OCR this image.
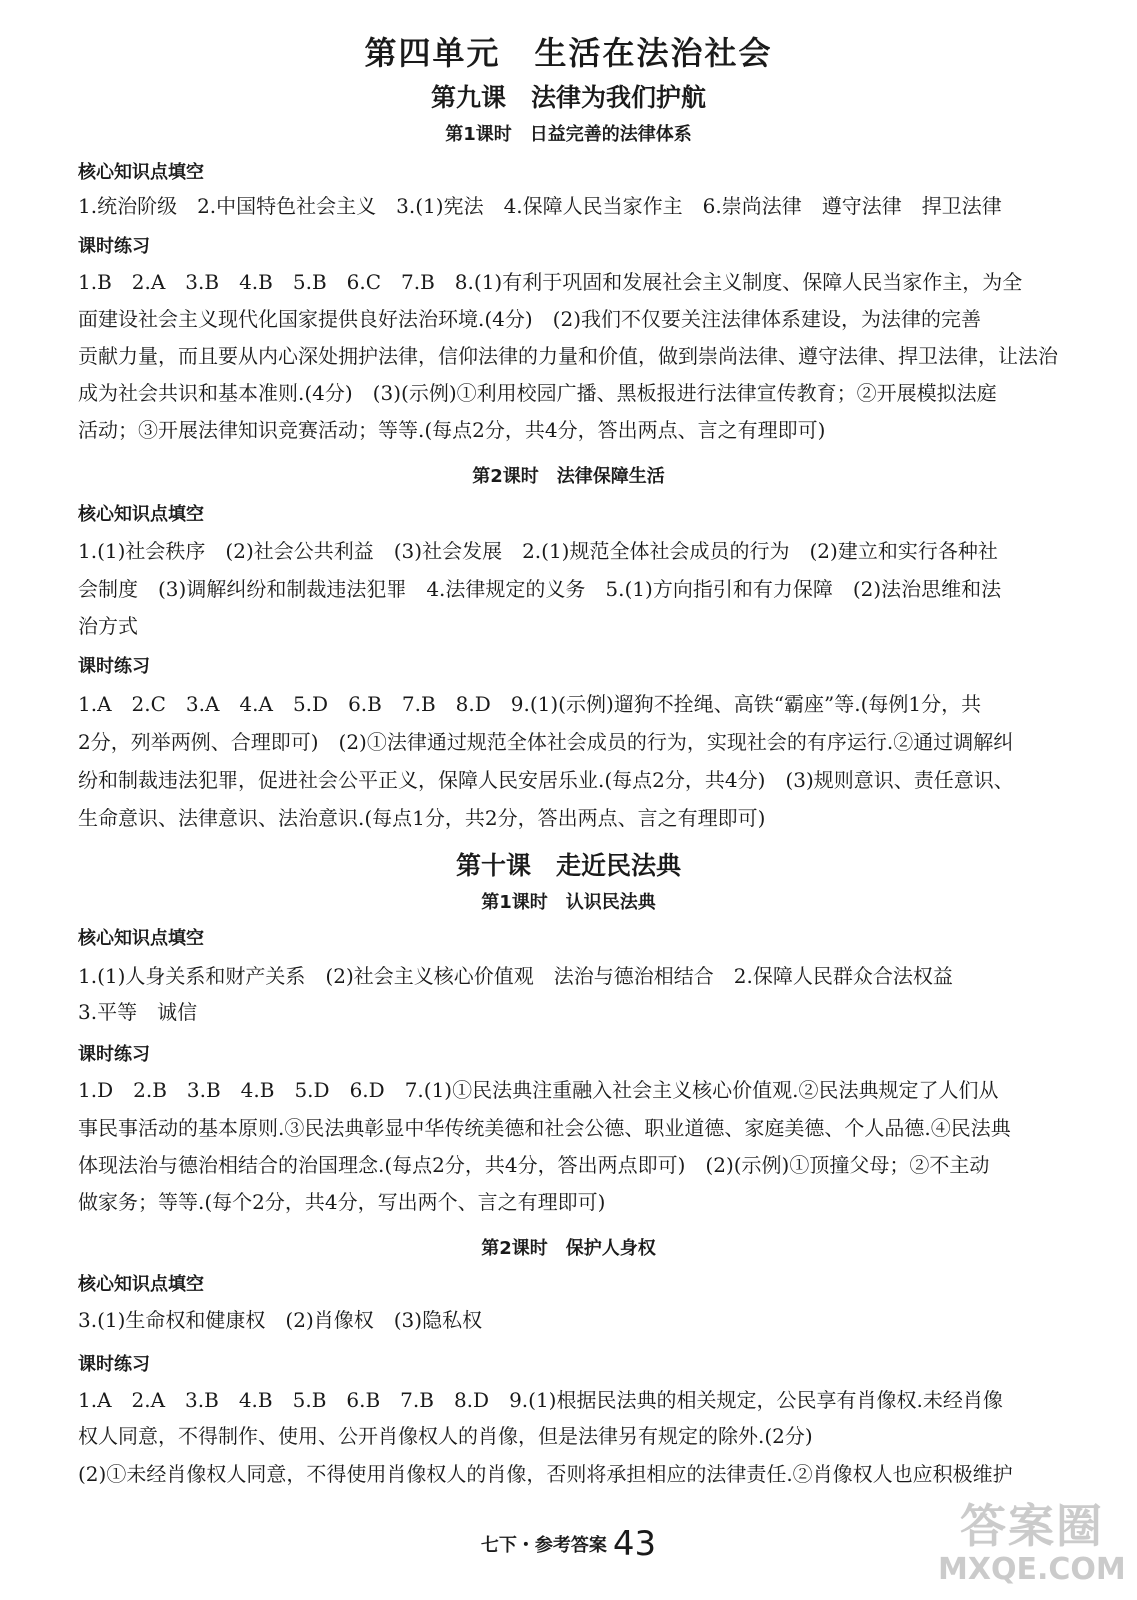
第四单元　生活在法治社会
第九课　法律为我们护航
第1课时　日益完善的法律体系
核心知识点填空
1.统治阶级　2.中国特色社会主义　3.(1)宪法　4.保障人民当家作主　6.崇尚法律　遵守法律　捍卫法律
课时练习
1.B　2.A　3.B　4.B　5.B　6.C　7.B　8.(1)有利于巩固和发展社会主义制度、保障人民当家作主，为全
面建设社会主义现代化国家提供良好法治环境.(4分)　(2)我们不仅要关注法律体系建设，为法律的完善
贡献力量，而且要从内心深处拥护法律，信仰法律的力量和价值，做到崇尚法律、遵守法律、捍卫法律，让法治
成为社会共识和基本准则.(4分)　(3)(示例)①利用校园广播、黑板报进行法律宣传教育；②开展模拟法庭
活动；③开展法律知识竞赛活动；等等.(每点2分，共4分，答出两点、言之有理即可)
第2课时　法律保障生活
核心知识点填空
1.(1)社会秩序　(2)社会公共利益　(3)社会发展　2.(1)规范全体社会成员的行为　(2)建立和实行各种社
会制度　(3)调解纠纷和制裁违法犯罪　4.法律规定的义务　5.(1)方向指引和有力保障　(2)法治思维和法
治方式
课时练习
1.A　2.C　3.A　4.A　5.D　6.B　7.B　8.D　9.(1)(示例)遛狗不拴绳、高铁“霸座”等.(每例1分，共
2分，列举两例、合理即可)　(2)①法律通过规范全体社会成员的行为，实现社会的有序运行.②通过调解纠
纷和制裁违法犯罪，促进社会公平正义，保障人民安居乐业.(每点2分，共4分)　(3)规则意识、责任意识、
生命意识、法律意识、法治意识.(每点1分，共2分，答出两点、言之有理即可)
第十课　走近民法典
第1课时　认识民法典
核心知识点填空
1.(1)人身关系和财产关系　(2)社会主义核心价值观　法治与德治相结合　2.保障人民群众合法权益
3.平等　诚信
课时练习
1.D　2.B　3.B　4.B　5.D　6.D　7.(1)①民法典注重融入社会主义核心价值观.②民法典规定了人们从
事民事活动的基本原则.③民法典彰显中华传统美德和社会公德、职业道德、家庭美德、个人品德.④民法典
体现法治与德治相结合的治国理念.(每点2分，共4分，答出两点即可)　(2)(示例)①顶撞父母；②不主动
做家务；等等.(每个2分，共4分，写出两个、言之有理即可)
第2课时　保护人身权
核心知识点填空
3.(1)生命权和健康权　(2)肖像权　(3)隐私权
课时练习
1.A　2.A　3.B　4.B　5.B　6.B　7.B　8.D　9.(1)根据民法典的相关规定，公民享有肖像权.未经肖像
权人同意，不得制作、使用、公开肖像权人的肖像，但是法律另有规定的除外.(2分)
(2)①未经肖像权人同意，不得使用肖像权人的肖像，否则将承担相应的法律责任.②肖像权人也应积极维护
七下・参考答案 43	答案圈
MXQE.COM
